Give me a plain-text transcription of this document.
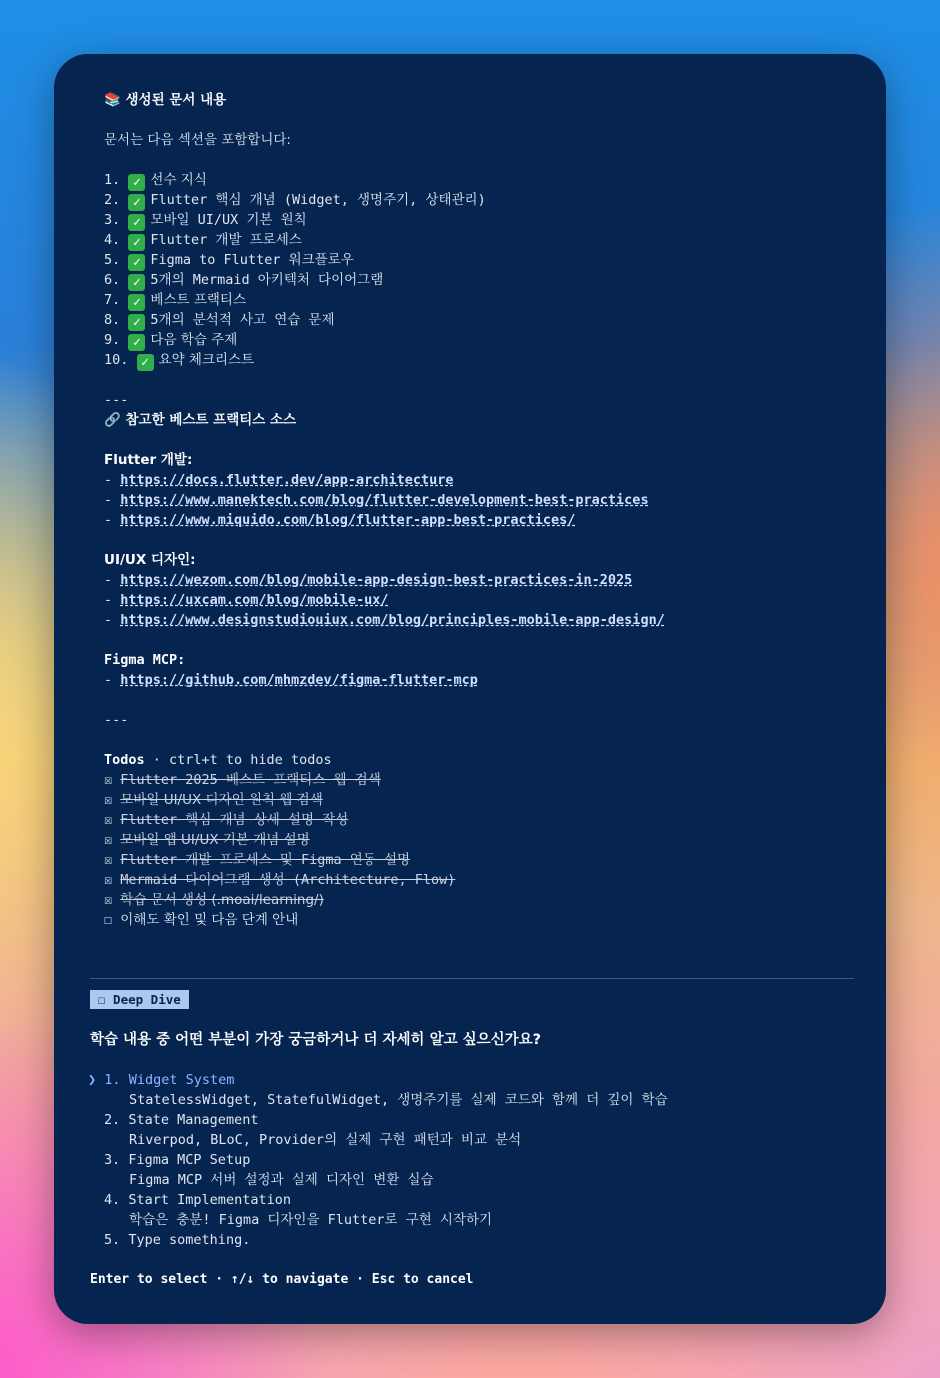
📚 생성된 문서 내용
문서는 다음 섹션을 포함합니다:
1. ✓ 선수 지식
2. ✓ Flutter 핵심 개념 (Widget, 생명주기, 상태관리)
3. ✓ 모바일 UI/UX 기본 원칙
4. ✓ Flutter 개발 프로세스
5. ✓ Figma to Flutter 워크플로우
6. ✓ 5개의 Mermaid 아키텍처 다이어그램
7. ✓ 베스트 프랙티스
8. ✓ 5개의 분석적 사고 연습 문제
9. ✓ 다음 학습 주제
10. ✓ 요약 체크리스트
---
🔗 참고한 베스트 프랙티스 소스
Flutter 개발:
- https://docs.flutter.dev/app-architecture
- https://www.manektech.com/blog/flutter-development-best-practices
- https://www.miquido.com/blog/flutter-app-best-practices/
UI/UX 디자인:
- https://wezom.com/blog/mobile-app-design-best-practices-in-2025
- https://uxcam.com/blog/mobile-ux/
- https://www.designstudiouiux.com/blog/principles-mobile-app-design/
Figma MCP:
- https://github.com/mhmzdev/figma-flutter-mcp
---
Todos · ctrl+t to hide todos
☒ Flutter 2025 베스트 프랙티스 웹 검색
☒ 모바일 UI/UX 디자인 원칙 웹 검색
☒ Flutter 핵심 개념 상세 설명 작성
☒ 모바일 앱 UI/UX 기본 개념 설명
☒ Flutter 개발 프로세스 및 Figma 연동 설명
☒ Mermaid 다이어그램 생성 (Architecture, Flow)
☒ 학습 문서 생성 (.moai/learning/)
☐ 이해도 확인 및 다음 단계 안내
☐ Deep Dive
학습 내용 중 어떤 부분이 가장 궁금하거나 더 자세히 알고 싶으신가요?
❯ 1. Widget System
StatelessWidget, StatefulWidget, 생명주기를 실제 코드와 함께 더 깊이 학습
2. State Management
Riverpod, BLoC, Provider의 실제 구현 패턴과 비교 분석
3. Figma MCP Setup
Figma MCP 서버 설정과 실제 디자인 변환 실습
4. Start Implementation
학습은 충분! Figma 디자인을 Flutter로 구현 시작하기
5. Type something.
Enter to select · ↑/↓ to navigate · Esc to cancel
